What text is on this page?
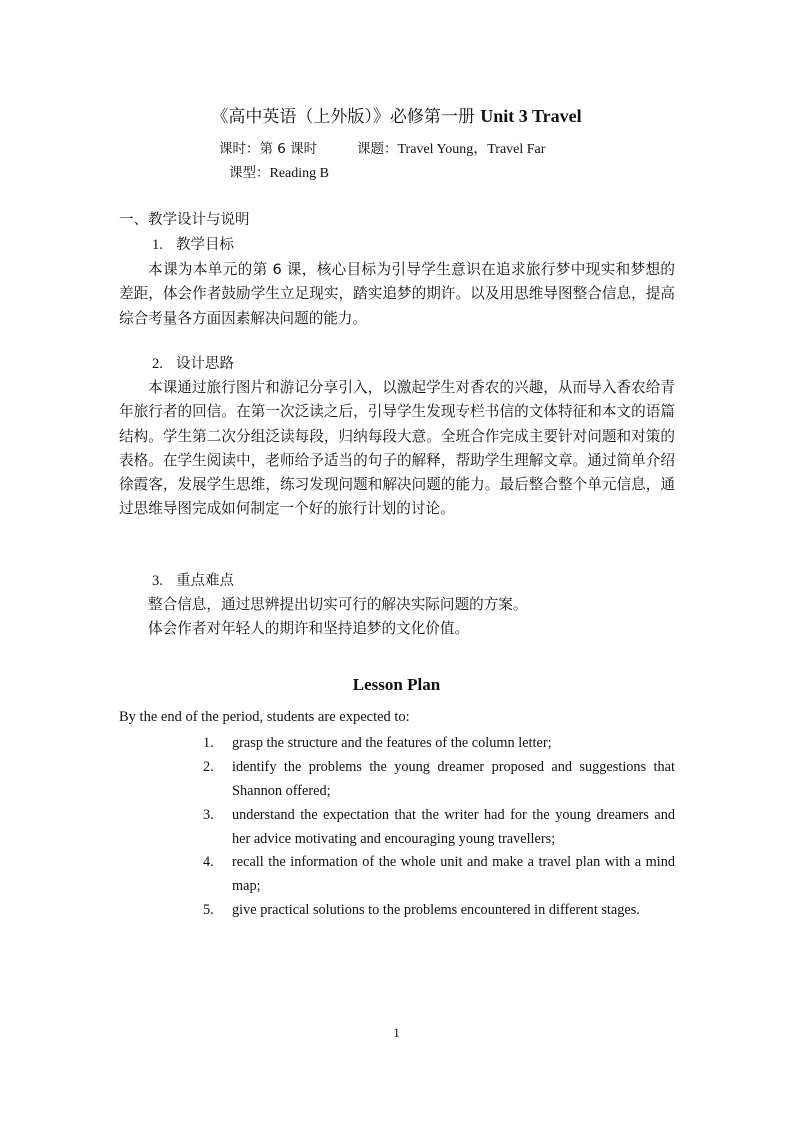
《高中英语（上外版）》必修第一册 Unit 3 Travel
课时：第 6 课时	课题：Travel Young，Travel Far
课型：Reading B
一、教学设计与说明
1. 教学目标
本课为本单元的第 6 课，核心目标为引导学生意识在追求旅行梦中现实和梦想的差距，体会作者鼓励学生立足现实，踏实追梦的期许。以及用思维导图整合信息，提高综合考量各方面因素解决问题的能力。
2. 设计思路
本课通过旅行图片和游记分享引入，以激起学生对香农的兴趣，从而导入香农给青年旅行者的回信。在第一次泛读之后，引导学生发现专栏书信的文体特征和本文的语篇结构。学生第二次分组泛读每段，归纳每段大意。全班合作完成主要针对问题和对策的表格。在学生阅读中，老师给予适当的句子的解释，帮助学生理解文章。通过简单介绍徐霞客，发展学生思维，练习发现问题和解决问题的能力。最后整合整个单元信息，通过思维导图完成如何制定一个好的旅行计划的讨论。
3. 重点难点
整合信息，通过思辨提出切实可行的解决实际问题的方案。
体会作者对年轻人的期许和坚持追梦的文化价值。
Lesson Plan
By the end of the period, students are expected to:
1. grasp the structure and the features of the column letter;
2. identify the problems the young dreamer proposed and suggestions that Shannon offered;
3. understand the expectation that the writer had for the young dreamers and her advice motivating and encouraging young travellers;
4. recall the information of the whole unit and make a travel plan with a mind map;
5. give practical solutions to the problems encountered in different stages.
1
